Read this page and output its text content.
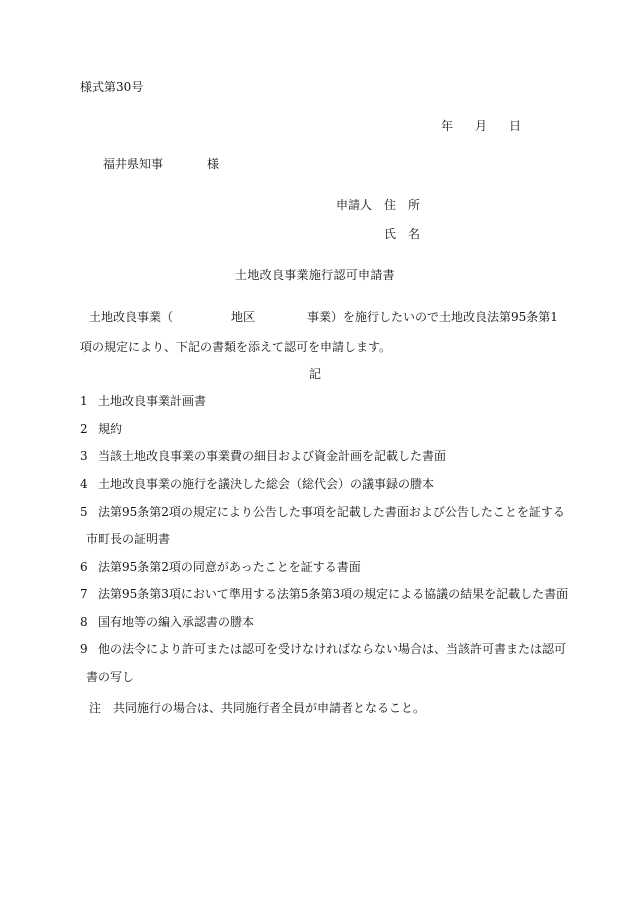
様式第30号
年 月 日
福井県知事	様
申請人 住　所
氏　名
土地改良事業施行認可申請書
土地改良事業（	地区	事業）を施行したいので土地改良法第95条第1
項の規定により、下記の書類を添えて認可を申請します。
記
1 土地改良事業計画書
2 規約
3 当該土地改良事業の事業費の細目および資金計画を記載した書面
4 土地改良事業の施行を議決した総会（総代会）の議事録の謄本
5 法第95条第2項の規定により公告した事項を記載した書面および公告したことを証する
市町長の証明書
6 法第95条第2項の同意があったことを証する書面
7 法第95条第3項において準用する法第5条第3項の規定による協議の結果を記載した書面
8 国有地等の編入承認書の謄本
9 他の法令により許可または認可を受けなければならない場合は、当該許可書または認可
書の写し
注 共同施行の場合は、共同施行者全員が申請者となること。
